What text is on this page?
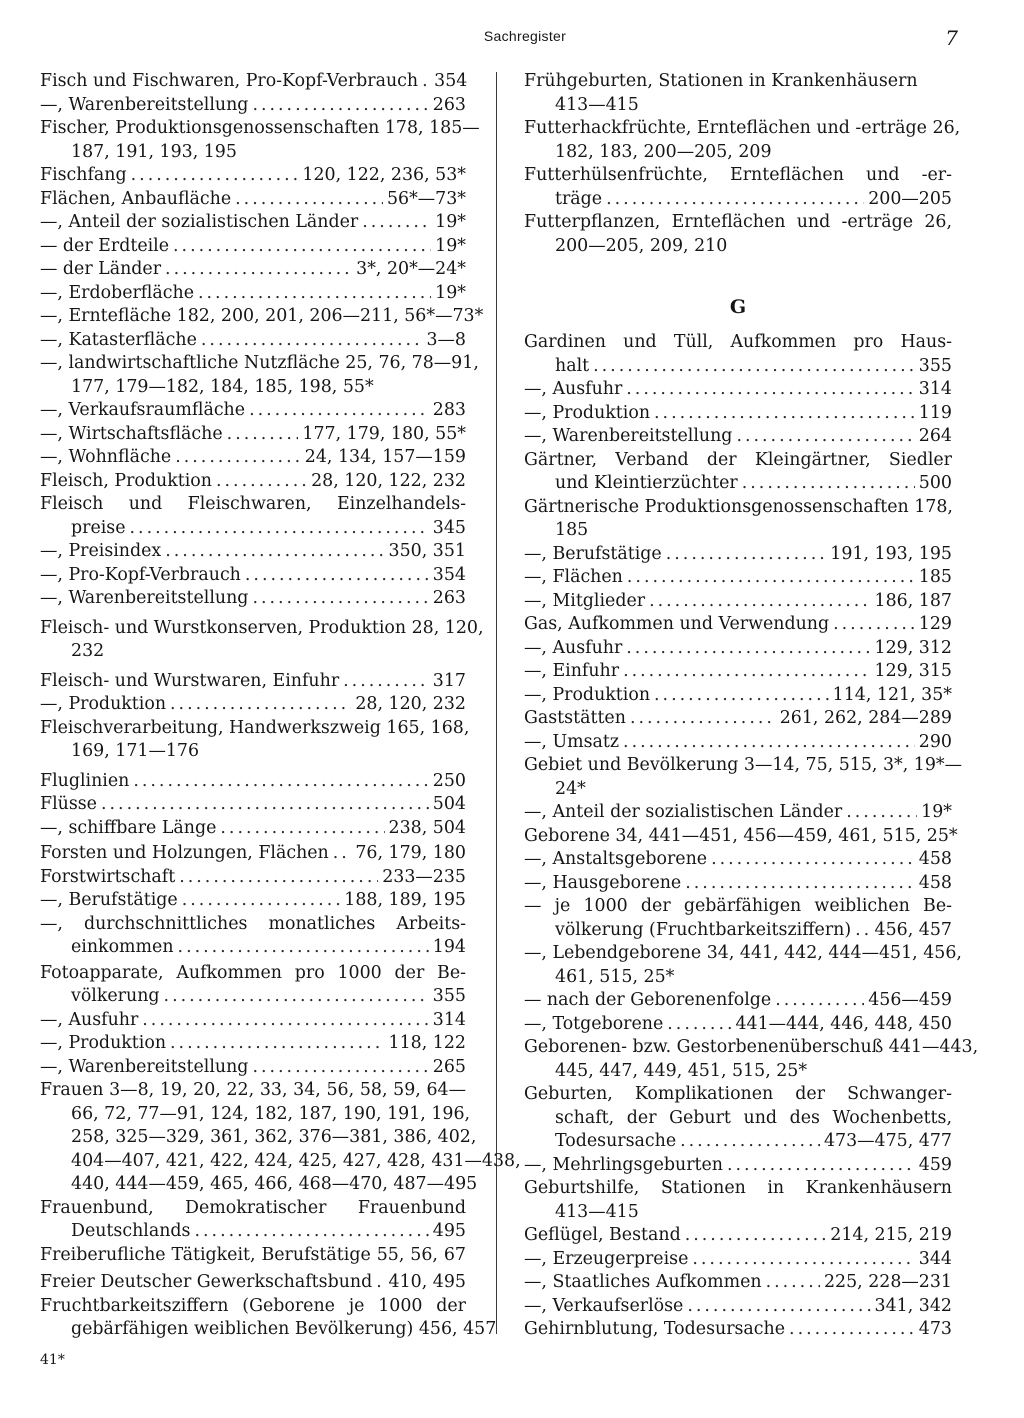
Sachregister	7
Fisch und Fischwaren, Pro-Kopf-Verbrauch ..... 354
—, Warenbereitstellung .....	263
Fischer, Produktionsgenossenschaften 178, 185—
187, 191, 193, 195
Fischfang .....	120, 122, 236, 53*
Flächen, Anbaufläche .....	56*—73*
—, Anteil der sozialistischen Länder .....	19*
— der Erdteile .....	19*
— der Länder .....	3*, 20*—24*
—, Erdoberfläche .....	19*
—, Erntefläche 182, 200, 201, 206—211, 56*—73*
—, Katasterfläche .....	3—8
—, landwirtschaftliche Nutzfläche 25, 76, 78—91,
177, 179—182, 184, 185, 198, 55*
—, Verkaufsraumfläche .....	283
—, Wirtschaftsfläche .....	177, 179, 180, 55*
—, Wohnfläche .....	24, 134, 157—159
Fleisch, Produktion .....	28, 120, 122, 232
Fleisch und Fleischwaren, Einzelhandels-
preise .....	345
—, Preisindex .....	350, 351
—, Pro-Kopf-Verbrauch .....	354
—, Warenbereitstellung .....	263
Fleisch- und Wurstkonserven, Produktion 28, 120,
232
Fleisch- und Wurstwaren, Einfuhr .....	317
—, Produktion .....	28, 120, 232
Fleischverarbeitung, Handwerkszweig 165, 168,
169, 171—176
Fluglinien .....	250
Flüsse .....	504
—, schiffbare Länge .....	238, 504
Forsten und Holzungen, Flächen ..... 76, 179, 180
Forstwirtschaft .....	233—235
—, Berufstätige .....	188, 189, 195
—, durchschnittliches monatliches Arbeits-
einkommen .....	194
Fotoapparate, Aufkommen pro 1000 der Be-
völkerung .....	355
—, Ausfuhr .....	314
—, Produktion .....	118, 122
—, Warenbereitstellung .....	265
Frauen 3—8, 19, 20, 22, 33, 34, 56, 58, 59, 64—
66, 72, 77—91, 124, 182, 187, 190, 191, 196,
258, 325—329, 361, 362, 376—381, 386, 402,
404—407, 421, 422, 424, 425, 427, 428, 431—438,
440, 444—459, 465, 466, 468—470, 487—495
Frauenbund, Demokratischer Frauenbund
Deutschlands .....	495
Freiberufliche Tätigkeit, Berufstätige 55, 56, 67
Freier Deutscher Gewerkschaftsbund ..... 410, 495
Fruchtbarkeitsziffern (Geborene je 1000 der
gebärfähigen weiblichen Bevölkerung) 456, 457
Frühgeburten, Stationen in Krankenhäusern
413—415
Futterhackfrüchte, Ernteflächen und -erträge 26,
182, 183, 200—205, 209
Futterhülsenfrüchte, Ernteflächen und -er-
träge .....	200—205
Futterpflanzen, Ernteflächen und -erträge 26,
200—205, 209, 210
G
Gardinen und Tüll, Aufkommen pro Haus-
halt .....	355
—, Ausfuhr .....	314
—, Produktion .....	119
—, Warenbereitstellung .....	264
Gärtner, Verband der Kleingärtner, Siedler
und Kleintierzüchter .....	500
Gärtnerische Produktionsgenossenschaften 178,
185
—, Berufstätige .....	191, 193, 195
—, Flächen .....	185
—, Mitglieder .....	186, 187
Gas, Aufkommen und Verwendung .....	129
—, Ausfuhr .....	129, 312
—, Einfuhr .....	129, 315
—, Produktion .....	114, 121, 35*
Gaststätten .....	261, 262, 284—289
—, Umsatz .....	290
Gebiet und Bevölkerung 3—14, 75, 515, 3*, 19*—
24*
—, Anteil der sozialistischen Länder .....	19*
Geborene 34, 441—451, 456—459, 461, 515, 25*
—, Anstaltsgeborene .....	458
—, Hausgeborene .....	458
— je 1000 der gebärfähigen weiblichen Be-
völkerung (Fruchtbarkeitsziffern) ..... 456, 457
—, Lebendgeborene 34, 441, 442, 444—451, 456,
461, 515, 25*
— nach der Geborenenfolge .....	456—459
—, Totgeborene .....	441—444, 446, 448, 450
Geborenen- bzw. Gestorbenenüberschuß 441—443,
445, 447, 449, 451, 515, 25*
Geburten, Komplikationen der Schwanger-
schaft, der Geburt und des Wochenbetts,
Todesursache .....	473—475, 477
—, Mehrlingsgeburten .....	459
Geburtshilfe, Stationen in Krankenhäusern
413—415
Geflügel, Bestand .....	214, 215, 219
—, Erzeugerpreise .....	344
—, Staatliches Aufkommen .....	225, 228—231
—, Verkaufserlöse .....	341, 342
Gehirnblutung, Todesursache .....	473
41*
